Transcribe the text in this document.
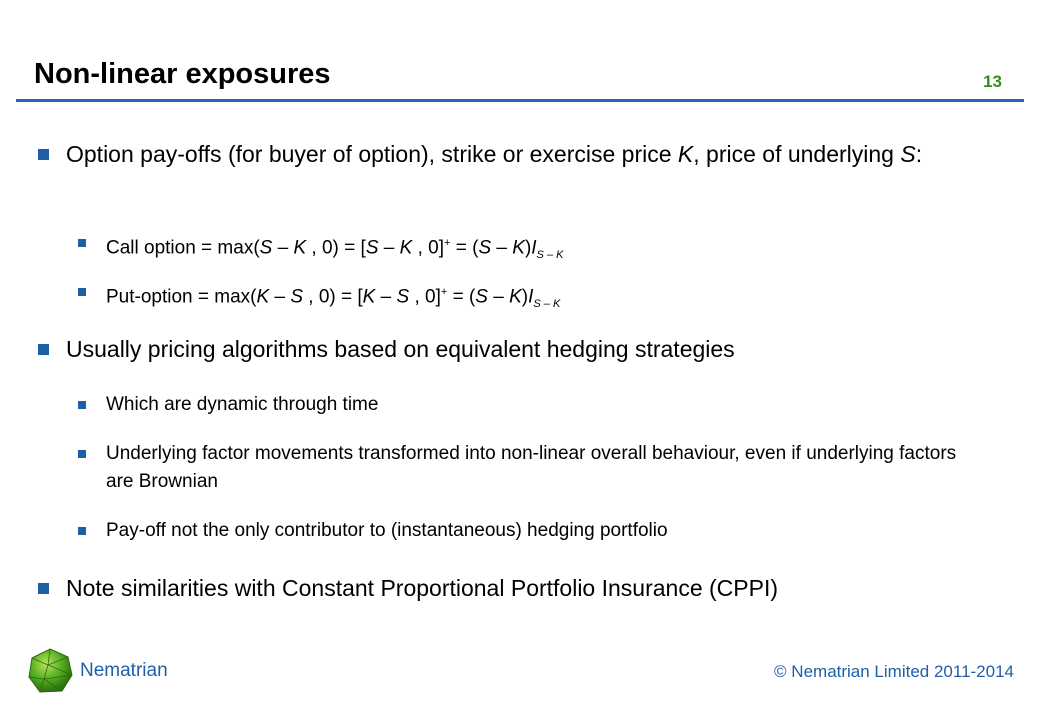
Non-linear exposures	13
Option pay-offs (for buyer of option), strike or exercise price K, price of underlying S:
Call option = max(S – K , 0) = [S – K , $0]^+ = (S - K)I_{S - K}$
Put-option = max(K – S , 0) = [K – S , $0]^+ = (S - K)I_{S - K}$
Usually pricing algorithms based on equivalent hedging strategies
Which are dynamic through time
Underlying factor movements transformed into non-linear overall behaviour, even if underlying factors are Brownian
Pay-off not the only contributor to (instantaneous) hedging portfolio
Note similarities with Constant Proportional Portfolio Insurance (CPPI)
Nematrian	© Nematrian Limited 2011-2014
